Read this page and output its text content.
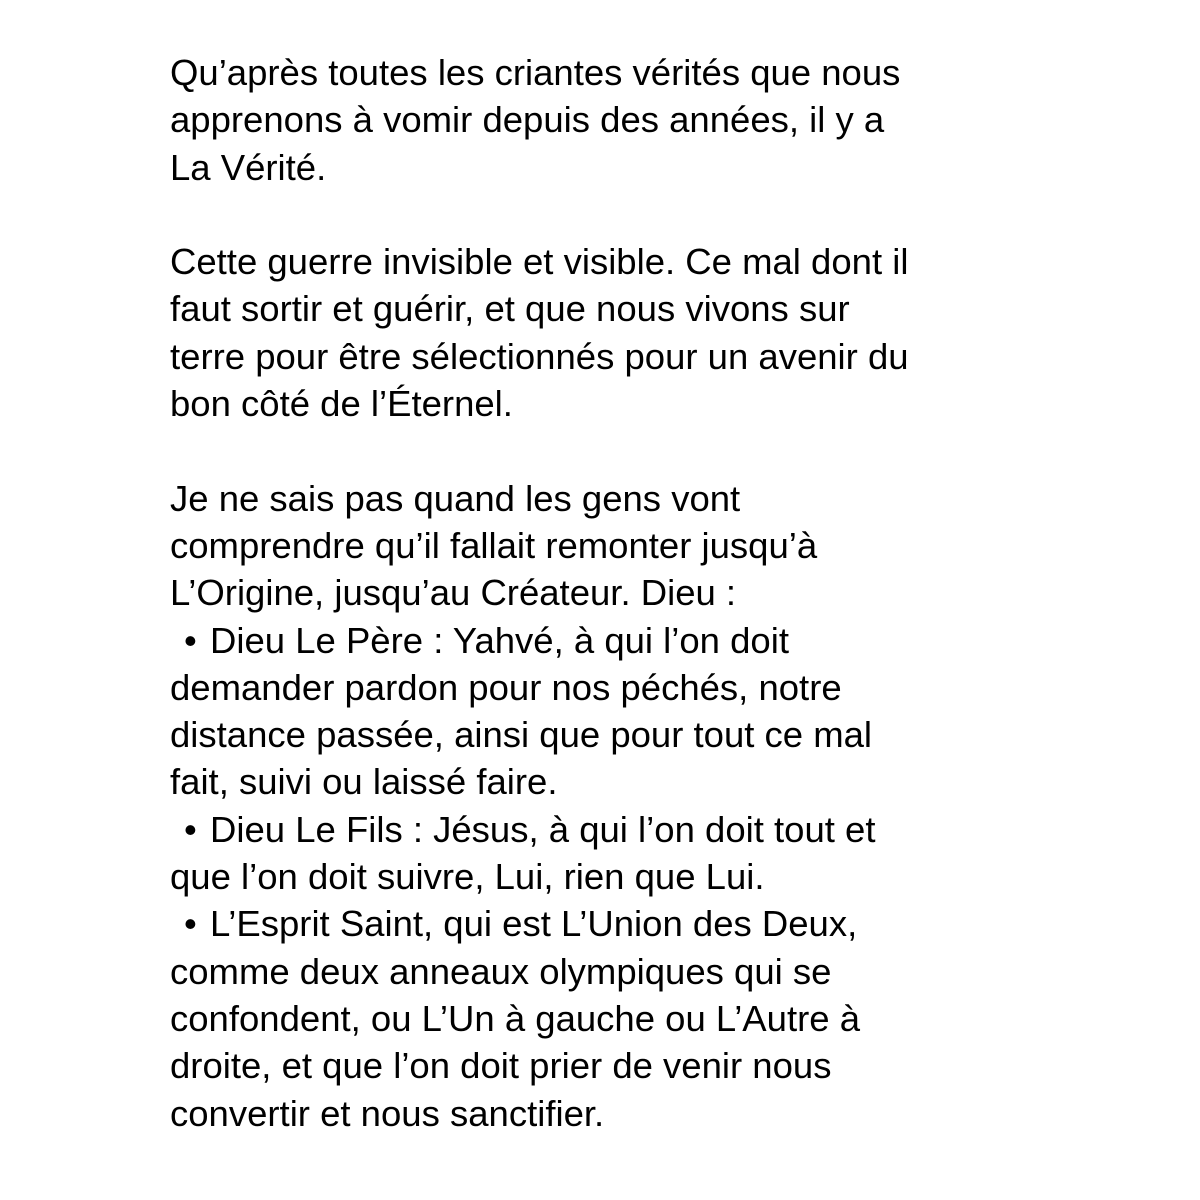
Qu’après toutes les criantes vérités que nous
apprenons à vomir depuis des années, il y a
La Vérité.
Cette guerre invisible et visible. Ce mal dont il
faut sortir et guérir, et que nous vivons sur
terre pour être sélectionnés pour un avenir du
bon côté de l’Éternel.
Je ne sais pas quand les gens vont
comprendre qu’il fallait remonter jusqu’à
L’Origine, jusqu’au Créateur. Dieu :
• Dieu Le Père : Yahvé, à qui l’on doit
demander pardon pour nos péchés, notre
distance passée, ainsi que pour tout ce mal
fait, suivi ou laissé faire.
• Dieu Le Fils : Jésus, à qui l’on doit tout et
que l’on doit suivre, Lui, rien que Lui.
• L’Esprit Saint, qui est L’Union des Deux,
comme deux anneaux olympiques qui se
confondent, ou L’Un à gauche ou L’Autre à
droite, et que l’on doit prier de venir nous
convertir et nous sanctifier.
